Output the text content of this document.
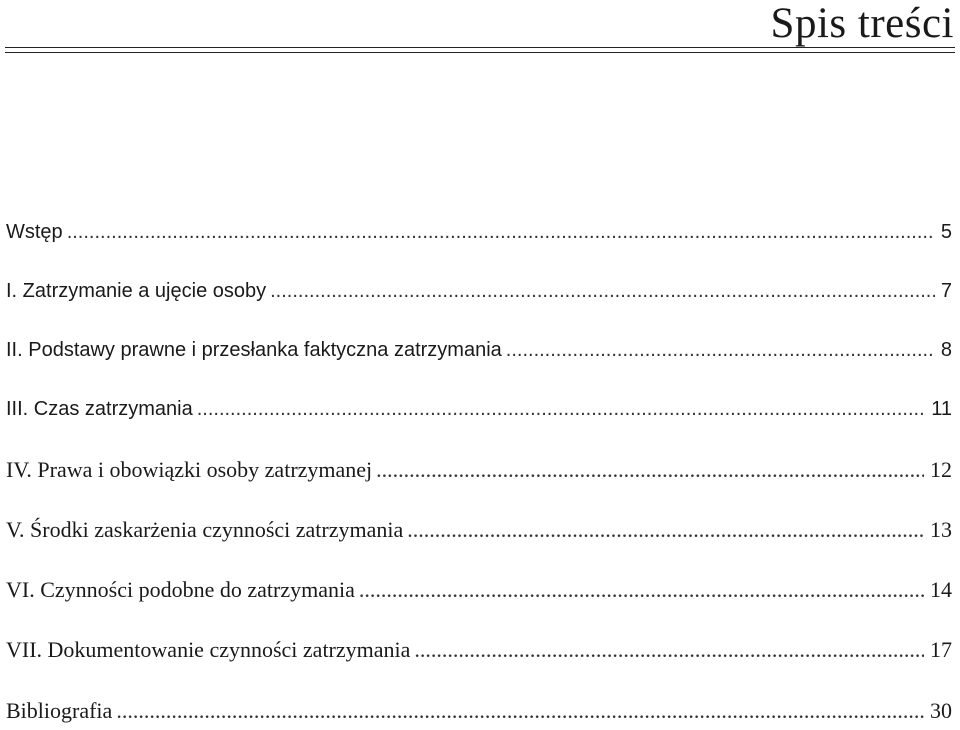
Spis treści
Wstęp .....	5
I. Zatrzymanie a ujęcie osoby .....	7
II. Podstawy prawne i przesłanka faktyczna zatrzymania .....	8
III. Czas zatrzymania .....	11
IV. Prawa i obowiązki osoby zatrzymanej .....	12
V. Środki zaskarżenia czynności zatrzymania .....	13
VI. Czynności podobne do zatrzymania .....	14
VII. Dokumentowanie czynności zatrzymania .....	17
Bibliografia .....	30
